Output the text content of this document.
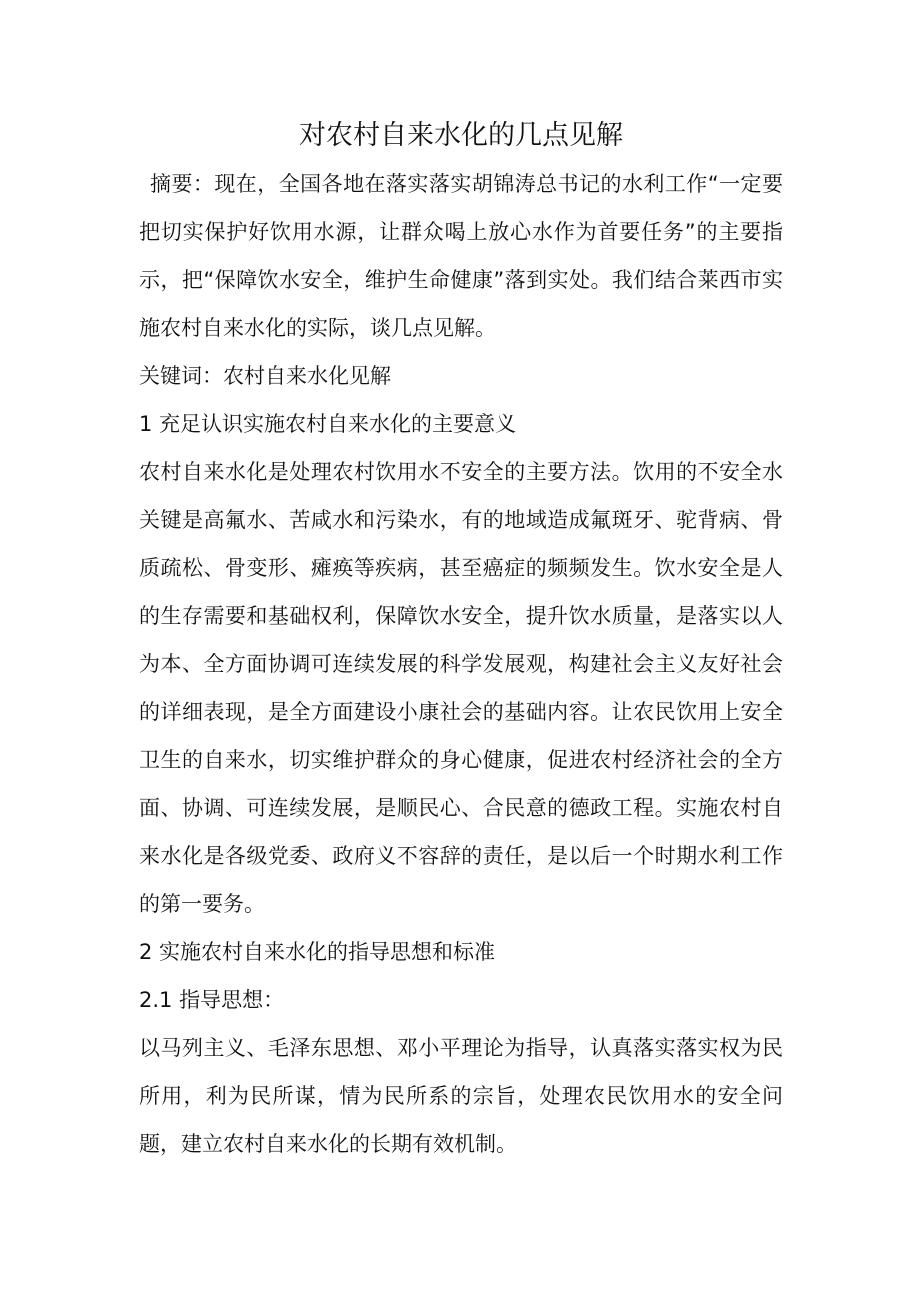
对农村自来水化的几点见解

摘要：现在，全国各地在落实落实胡锦涛总书记的水利工作“一定要把切实保护好饮用水源，让群众喝上放心水作为首要任务”的主要指示，把“保障饮水安全，维护生命健康”落到实处。我们结合莱西市实施农村自来水化的实际，谈几点见解。

关键词：农村自来水化见解

1 充足认识实施农村自来水化的主要意义

农村自来水化是处理农村饮用水不安全的主要方法。饮用的不安全水关键是高氟水、苦咸水和污染水，有的地域造成氟斑牙、驼背病、骨质疏松、骨变形、瘫痪等疾病，甚至癌症的频频发生。饮水安全是人的生存需要和基础权利，保障饮水安全，提升饮水质量，是落实以人为本、全方面协调可连续发展的科学发展观，构建社会主义友好社会的详细表现，是全方面建设小康社会的基础内容。让农民饮用上安全卫生的自来水，切实维护群众的身心健康，促进农村经济社会的全方面、协调、可连续发展，是顺民心、合民意的德政工程。实施农村自来水化是各级党委、政府义不容辞的责任，是以后一个时期水利工作的第一要务。

2 实施农村自来水化的指导思想和标准

2.1 指导思想：

以马列主义、毛泽东思想、邓小平理论为指导，认真落实落实权为民所用，利为民所谋，情为民所系的宗旨，处理农民饮用水的安全问题，建立农村自来水化的长期有效机制。
